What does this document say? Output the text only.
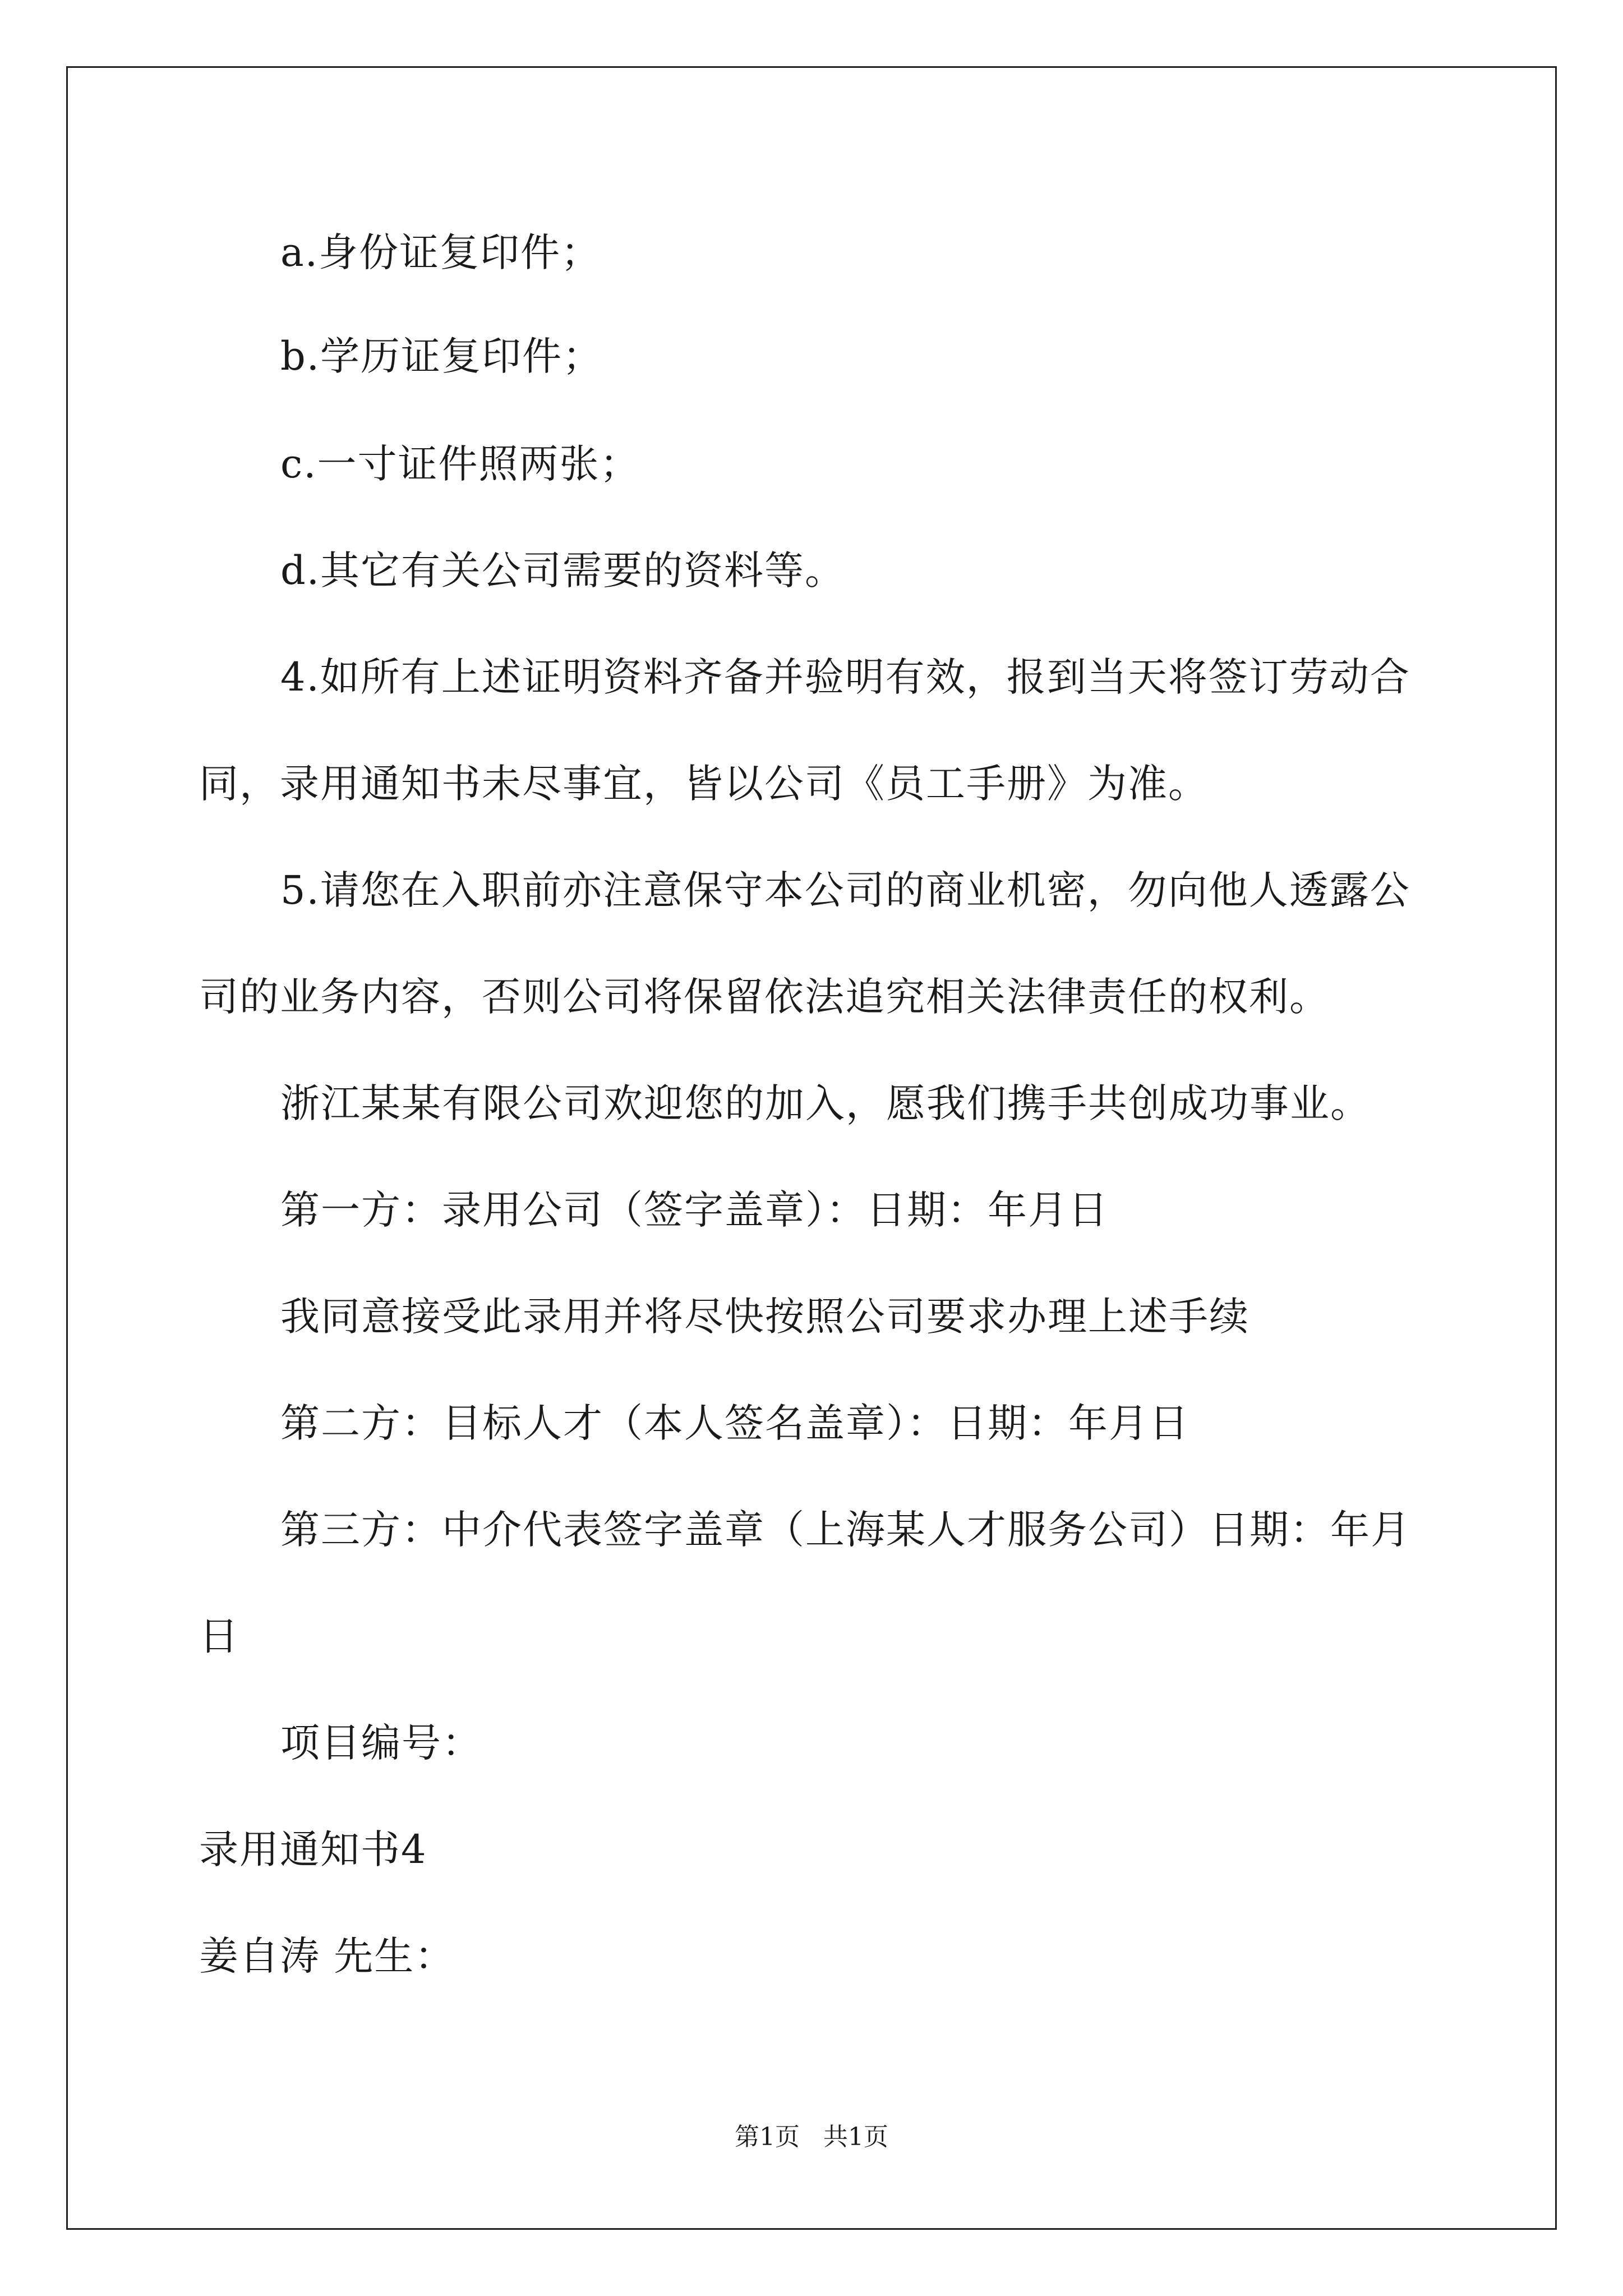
a.身份证复印件；
b.学历证复印件；
c.一寸证件照两张；
d.其它有关公司需要的资料等。
4.如所有上述证明资料齐备并验明有效，报到当天将签订劳动合
同，录用通知书未尽事宜，皆以公司《员工手册》为准。
5.请您在入职前亦注意保守本公司的商业机密，勿向他人透露公
司的业务内容，否则公司将保留依法追究相关法律责任的权利。
浙江某某有限公司欢迎您的加入，愿我们携手共创成功事业。
第一方：录用公司（签字盖章）：日期：年月日
我同意接受此录用并将尽快按照公司要求办理上述手续
第二方：目标人才（本人签名盖章）：日期：年月日
第三方：中介代表签字盖章（上海某人才服务公司）日期：年月
日
项目编号：
录用通知书4
姜自涛 先生：
第1页   共1页
